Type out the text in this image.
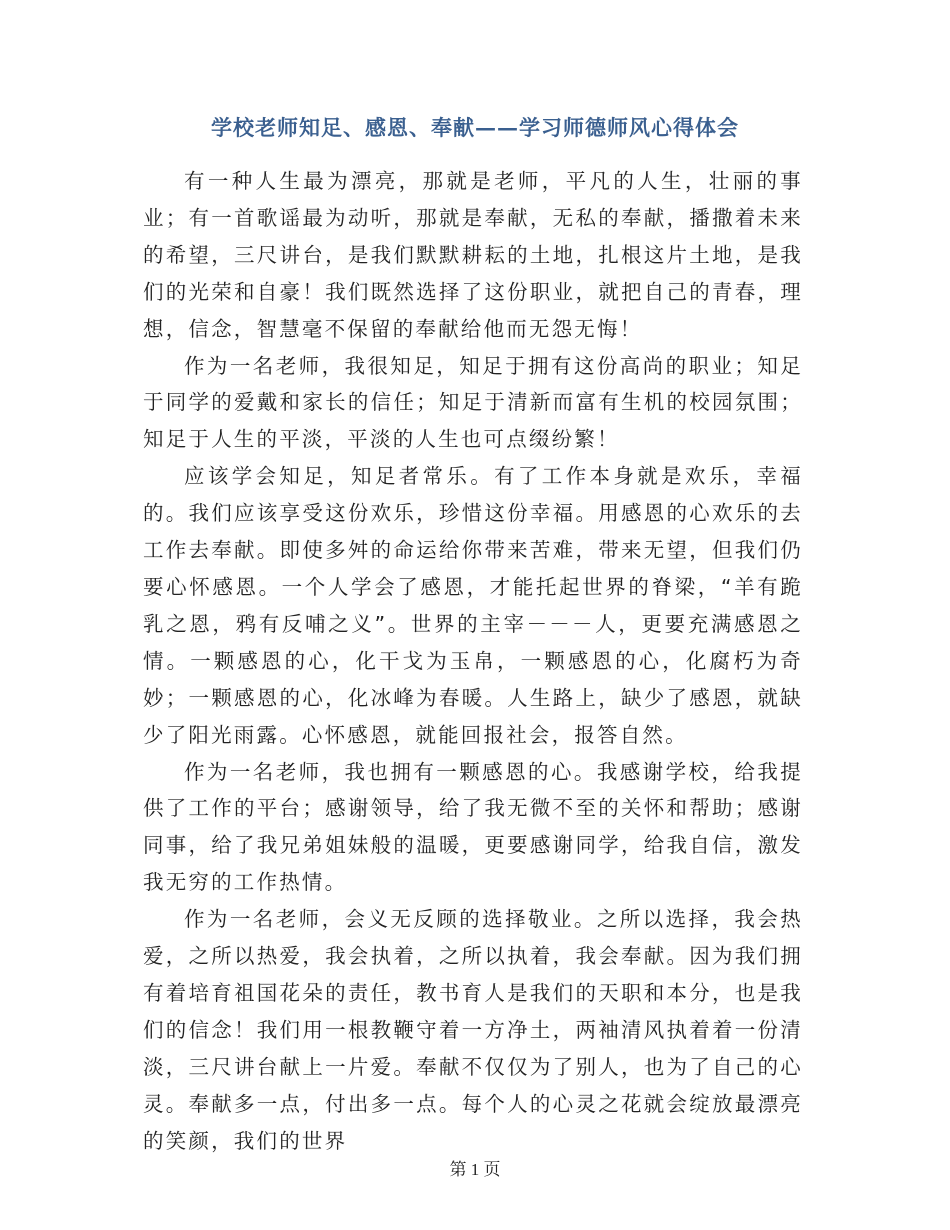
学校老师知足、感恩、奉献——学习师德师风心得体会

有一种人生最为漂亮，那就是老师，平凡的人生，壮丽的事业；有一首歌谣最为动听，那就是奉献，无私的奉献，播撒着未来的希望，三尺讲台，是我们默默耕耘的土地，扎根这片土地，是我们的光荣和自豪！我们既然选择了这份职业，就把自己的青春，理想，信念，智慧毫不保留的奉献给他而无怨无悔！

作为一名老师，我很知足，知足于拥有这份高尚的职业；知足于同学的爱戴和家长的信任；知足于清新而富有生机的校园氛围；知足于人生的平淡，平淡的人生也可点缀纷繁！

应该学会知足，知足者常乐。有了工作本身就是欢乐，幸福的。我们应该享受这份欢乐，珍惜这份幸福。用感恩的心欢乐的去工作去奉献。即使多舛的命运给你带来苦难，带来无望，但我们仍要心怀感恩。一个人学会了感恩，才能托起世界的脊梁，“羊有跪乳之恩，鸦有反哺之义”。世界的主宰－－－人，更要充满感恩之情。一颗感恩的心，化干戈为玉帛，一颗感恩的心，化腐朽为奇妙；一颗感恩的心，化冰峰为春暖。人生路上，缺少了感恩，就缺少了阳光雨露。心怀感恩，就能回报社会，报答自然。

作为一名老师，我也拥有一颗感恩的心。我感谢学校，给我提供了工作的平台；感谢领导，给了我无微不至的关怀和帮助；感谢同事，给了我兄弟姐妹般的温暖，更要感谢同学，给我自信，激发我无穷的工作热情。

作为一名老师，会义无反顾的选择敬业。之所以选择，我会热爱，之所以热爱，我会执着，之所以执着，我会奉献。因为我们拥有着培育祖国花朵的责任，教书育人是我们的天职和本分，也是我们的信念！我们用一根教鞭守着一方净土，两袖清风执着着一份清淡，三尺讲台献上一片爱。奉献不仅仅为了别人，也为了自己的心灵。奉献多一点，付出多一点。每个人的心灵之花就会绽放最漂亮的笑颜，我们的世界

第 1 页
